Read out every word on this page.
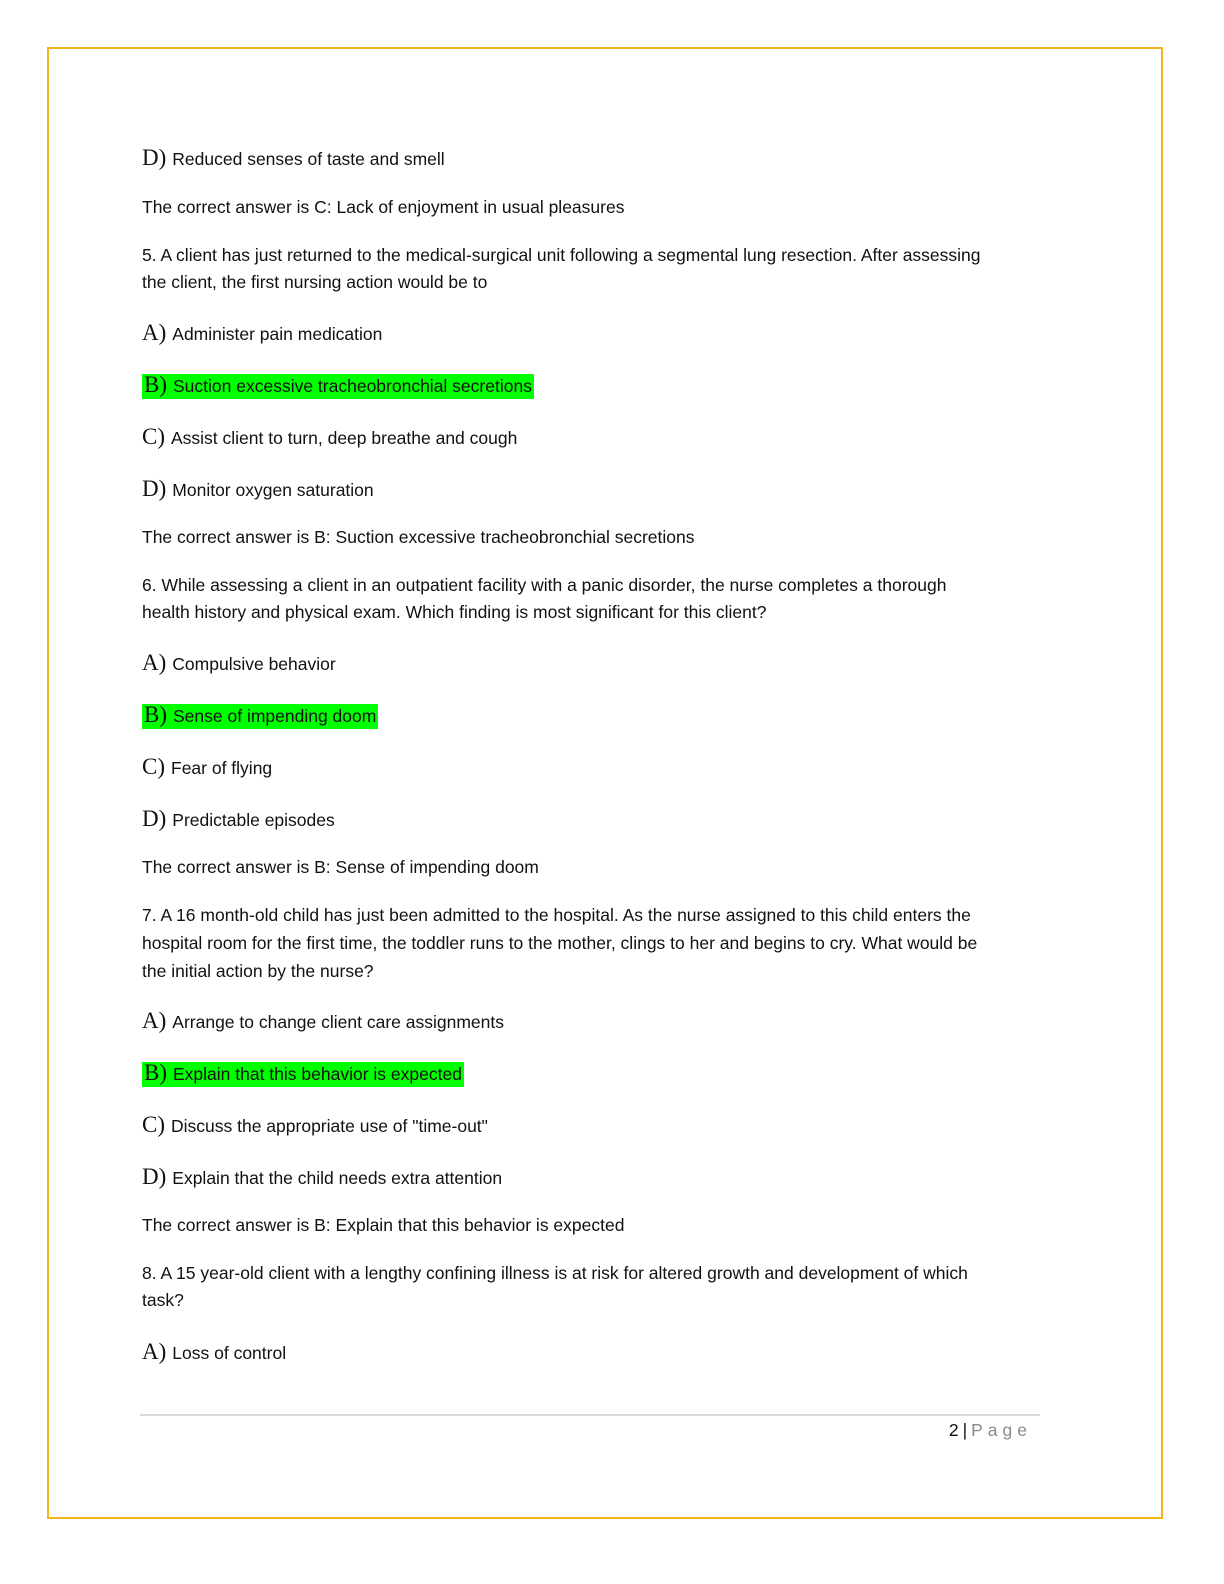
D) Reduced senses of taste and smell
The correct answer is C: Lack of enjoyment in usual pleasures
5. A client has just returned to the medical-surgical unit following a segmental lung resection. After assessing
the client, the first nursing action would be to
A) Administer pain medication
B) Suction excessive tracheobronchial secretions
C) Assist client to turn, deep breathe and cough
D) Monitor oxygen saturation
The correct answer is B: Suction excessive tracheobronchial secretions
6. While assessing a client in an outpatient facility with a panic disorder, the nurse completes a thorough
health history and physical exam. Which finding is most significant for this client?
A) Compulsive behavior
B) Sense of impending doom
C) Fear of flying
D) Predictable episodes
The correct answer is B: Sense of impending doom
7. A 16 month-old child has just been admitted to the hospital. As the nurse assigned to this child enters the
hospital room for the first time, the toddler runs to the mother, clings to her and begins to cry. What would be
the initial action by the nurse?
A) Arrange to change client care assignments
B) Explain that this behavior is expected
C) Discuss the appropriate use of "time-out"
D) Explain that the child needs extra attention
The correct answer is B: Explain that this behavior is expected
8. A 15 year-old client with a lengthy confining illness is at risk for altered growth and development of which
task?
A) Loss of control
2 | Page
